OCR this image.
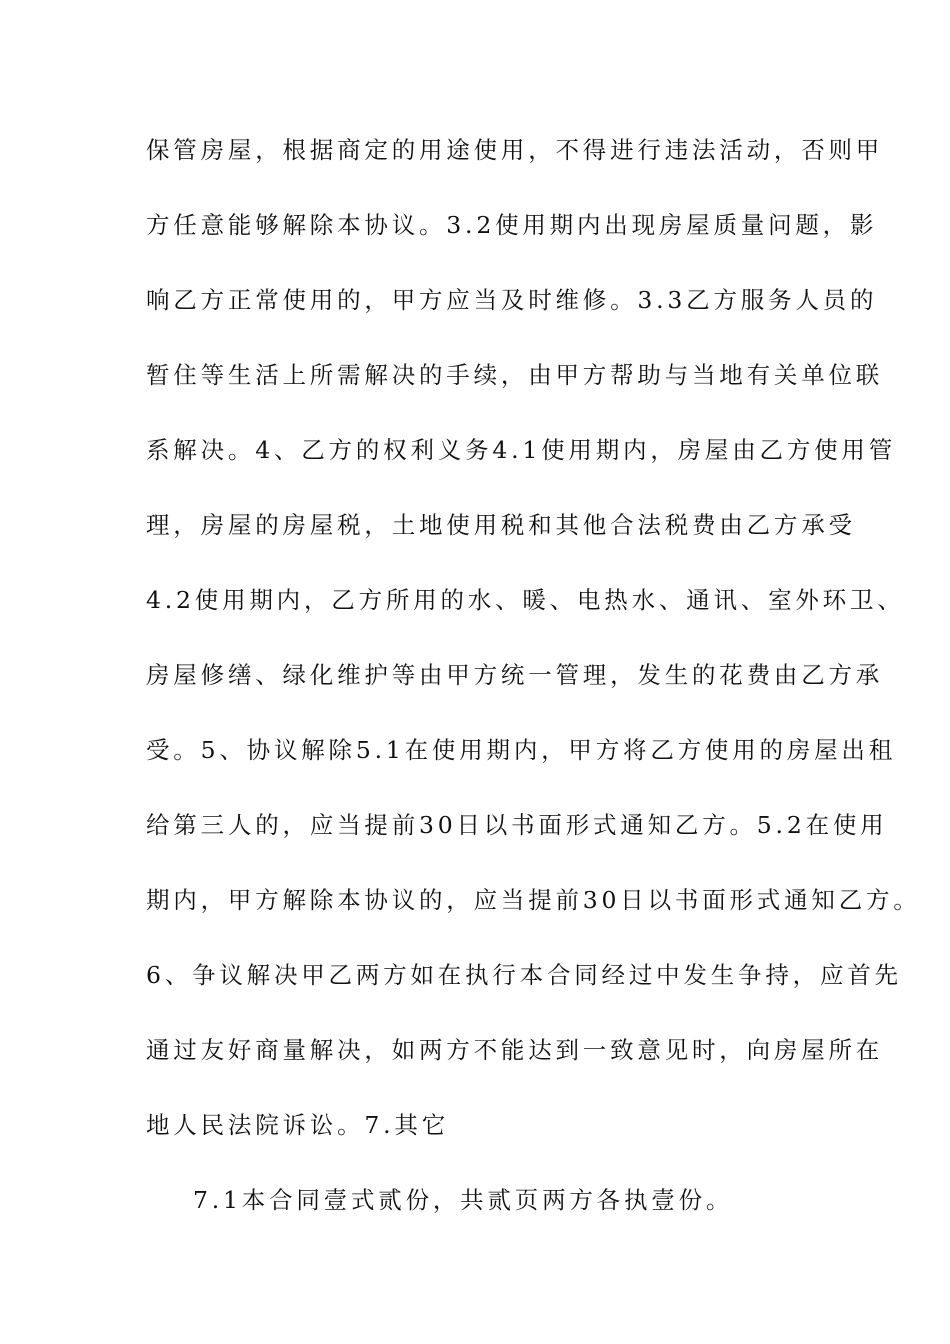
保管房屋，根据商定的用途使用，不得进行违法活动，否则甲
方任意能够解除本协议。3.2使用期内出现房屋质量问题，影
响乙方正常使用的，甲方应当及时维修。3.3乙方服务人员的
暂住等生活上所需解决的手续，由甲方帮助与当地有关单位联
系解决。4、乙方的权利义务4.1使用期内，房屋由乙方使用管
理，房屋的房屋税，土地使用税和其他合法税费由乙方承受
4.2使用期内，乙方所用的水、暖、电热水、通讯、室外环卫、
房屋修缮、绿化维护等由甲方统一管理，发生的花费由乙方承
受。5、协议解除5.1在使用期内，甲方将乙方使用的房屋出租
给第三人的，应当提前30日以书面形式通知乙方。5.2在使用
期内，甲方解除本协议的，应当提前30日以书面形式通知乙方。
6、争议解决甲乙两方如在执行本合同经过中发生争持，应首先
通过友好商量解决，如两方不能达到一致意见时，向房屋所在
地人民法院诉讼。7.其它
7.1本合同壹式贰份，共贰页两方各执壹份。
